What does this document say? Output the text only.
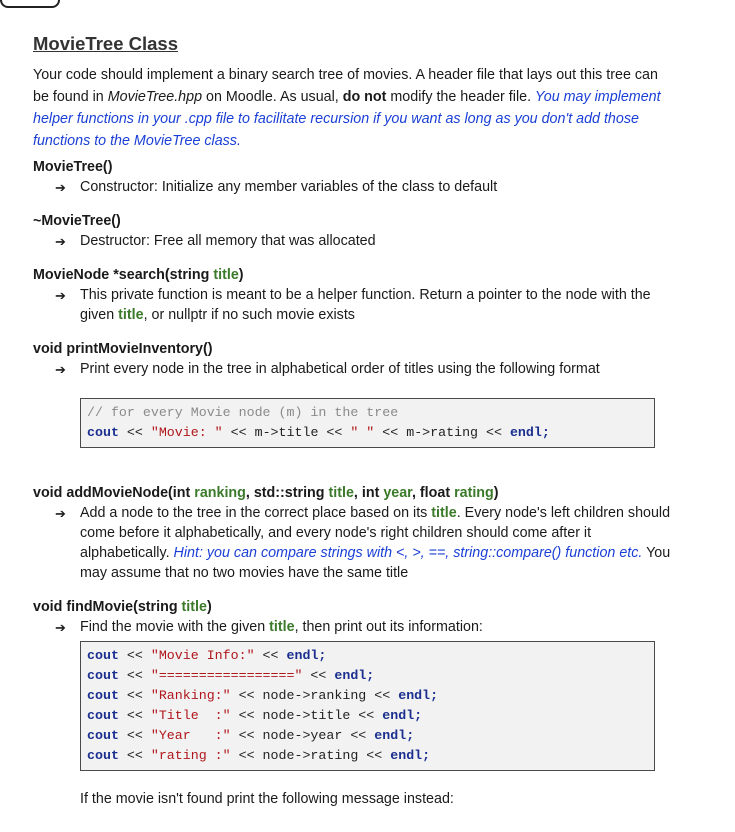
MovieTree Class
Your code should implement a binary search tree of movies. A header file that lays out this tree can be found in MovieTree.hpp on Moodle. As usual, do not modify the header file. You may implement helper functions in your .cpp file to facilitate recursion if you want as long as you don't add those functions to the MovieTree class.

MovieTree()

➔ Constructor: Initialize any member variables of the class to default

~MovieTree()

➔ Destructor: Free all memory that was allocated

MovieNode *search(string title)

➔ This private function is meant to be a helper function. Return a pointer to the node with the given title, or nullptr if no such movie exists

void printMovieInventory()

➔ Print every node in the tree in alphabetical order of titles using the following format
// for every Movie node (m) in the tree
cout << "Movie: " << m->title << " " << m->rating << endl;

void addMovieNode(int ranking, std::string title, int year, float rating)

➔ Add a node to the tree in the correct place based on its title. Every node's left children should come before it alphabetically, and every node's right children should come after it alphabetically. Hint: you can compare strings with <, >, ==, string::compare() function etc. You may assume that no two movies have the same title

void findMovie(string title)

➔ Find the movie with the given title, then print out its information:
cout << "Movie Info:" << endl;
cout << "=================" << endl;
cout << "Ranking:" << node->ranking << endl;
cout << "Title  :" << node->title << endl;
cout << "Year   :" << node->year << endl;
cout << "rating :" << node->rating << endl;
If the movie isn't found print the following message instead:
